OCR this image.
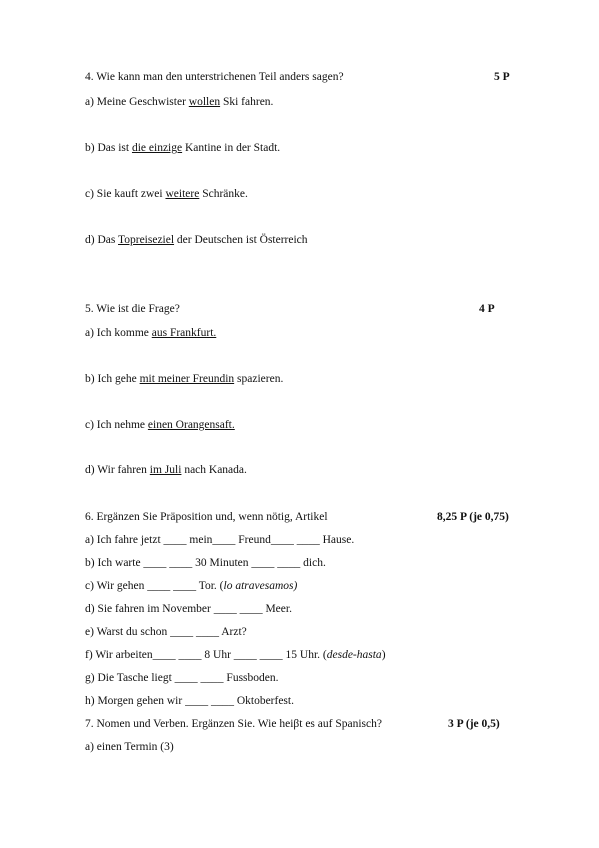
4. Wie kann man den unterstrichenen Teil anders sagen?	5 P
a) Meine Geschwister wollen Ski fahren.
b) Das ist die einzige Kantine in der Stadt.
c) Sie kauft zwei weitere Schränke.
d) Das Topreiseziel der Deutschen ist Österreich
5. Wie ist die Frage?	4 P
a) Ich komme aus Frankfurt.
b) Ich gehe mit meiner Freundin spazieren.
c) Ich nehme einen Orangensaft.
d) Wir fahren im Juli nach Kanada.
6. Ergänzen Sie Präposition und, wenn nötig, Artikel	8,25 P (je 0,75)
a) Ich fahre jetzt ____ mein____ Freund____ ____ Hause.
b) Ich warte ____ ____ 30 Minuten ____ ____ dich.
c) Wir gehen ____ ____ Tor. (lo atravesamos)
d) Sie fahren im November ____ ____ Meer.
e) Warst du schon ____ ____ Arzt?
f) Wir arbeiten____ ____ 8 Uhr ____ ____ 15 Uhr. (desde-hasta)
g) Die Tasche liegt ____ ____ Fussboden.
h) Morgen gehen wir ____ ____ Oktoberfest.
7. Nomen und Verben. Ergänzen Sie. Wie heiβt es auf Spanisch?	3 P (je 0,5)
a) einen Termin (3)
